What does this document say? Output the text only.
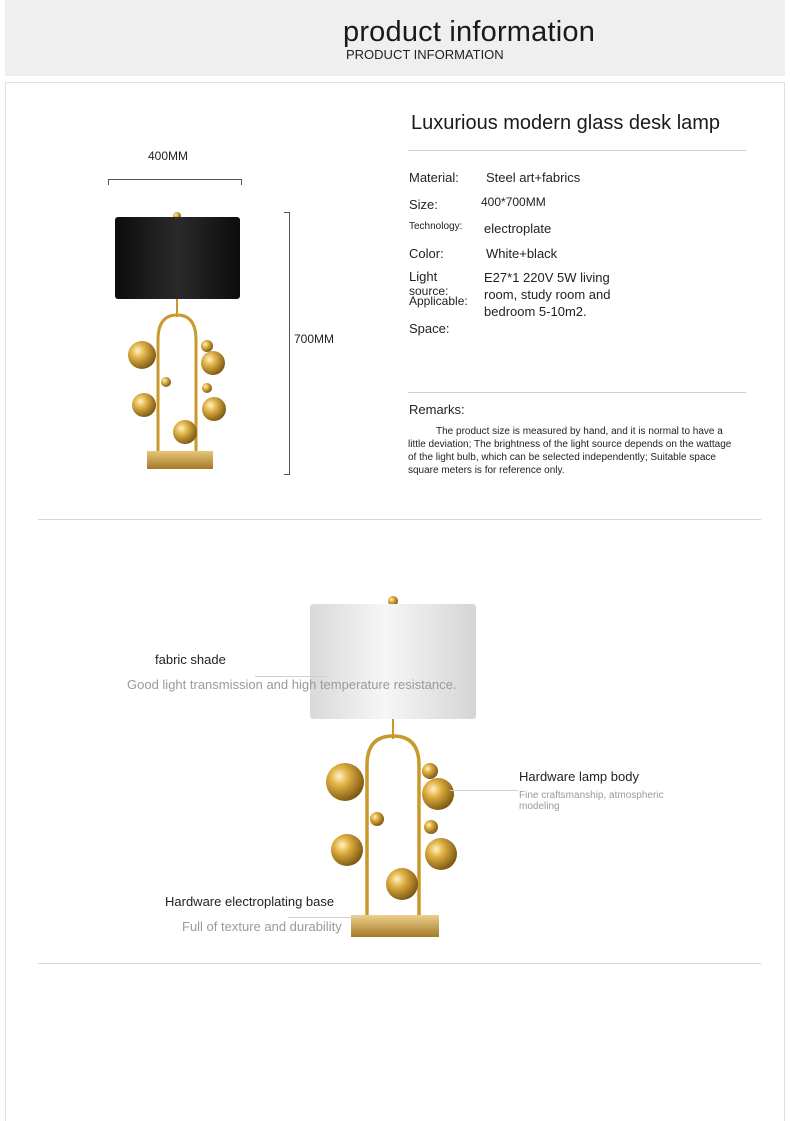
product information
PRODUCT INFORMATION
400MM
700MM
Luxurious modern glass desk lamp
Material: Steel art+fabrics
Size:	400*700MM
Technology: electroplate
Color:	White+black
Light
source:
Applicable:
E27*1 220V 5W living room, study room and bedroom 5-10m2.
Space:
Remarks:
The product size is measured by hand, and it is normal to have a little deviation; The brightness of the light source depends on the wattage of the light bulb, which can be selected independently; Suitable space square meters is for reference only.
fabric shade
Good light transmission and high temperature resistance.
Hardware lamp body
Fine craftsmanship, atmospheric modeling
Hardware electroplating base
Full of texture and durability
